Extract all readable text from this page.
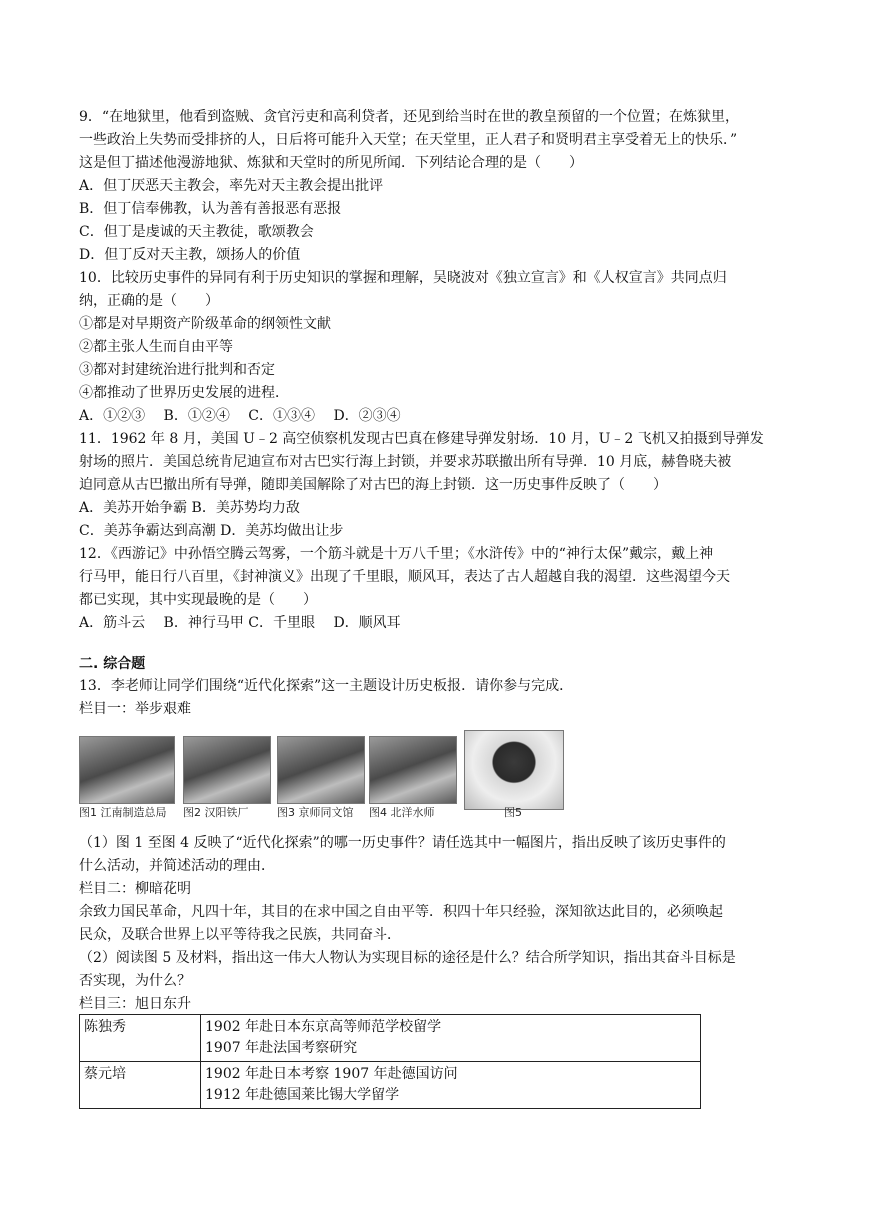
9．“在地狱里，他看到盗贼、贪官污吏和高利贷者，还见到给当时在世的教皇预留的一个位置；在炼狱里，
一些政治上失势而受排挤的人，日后将可能升入天堂；在天堂里，正人君子和贤明君主享受着无上的快乐．”
这是但丁描述他漫游地狱、炼狱和天堂时的所见所闻．下列结论合理的是（　　）
A．但丁厌恶天主教会，率先对天主教会提出批评
B．但丁信奉佛教，认为善有善报恶有恶报
C．但丁是虔诚的天主教徒，歌颂教会
D．但丁反对天主教，颂扬人的价值
10．比较历史事件的异同有利于历史知识的掌握和理解，吴晓波对《独立宣言》和《人权宣言》共同点归
纳，正确的是（　　）
①都是对早期资产阶级革命的纲领性文献
②都主张人生而自由平等
③都对封建统治进行批判和否定
④都推动了世界历史发展的进程．
A．①②③　 B．①②④　 C．①③④　 D．②③④
11．1962 年 8 月，美国 U﹣2 高空侦察机发现古巴真在修建导弹发射场．10 月，U﹣2 飞机又拍摄到导弹发
射场的照片．美国总统肯尼迪宣布对古巴实行海上封锁，并要求苏联撤出所有导弹．10 月底，赫鲁晓夫被
迫同意从古巴撤出所有导弹，随即美国解除了对古巴的海上封锁．这一历史事件反映了（　　）
A．美苏开始争霸 B．美苏势均力敌
C．美苏争霸达到高潮 D．美苏均做出让步
12．《西游记》中孙悟空腾云驾雾，一个筋斗就是十万八千里；《水浒传》中的“神行太保”戴宗，戴上神
行马甲，能日行八百里，《封神演义》出现了千里眼，顺风耳，表达了古人超越自我的渴望．这些渴望今天
都已实现，其中实现最晚的是（　　）
A．筋斗云　 B．神行马甲 C．千里眼　 D．顺风耳
二. 综合题
13．李老师让同学们围绕“近代化探索”这一主题设计历史板报．请你参与完成．
栏目一：举步艰难
图1 江南制造总局	图2 汉阳铁厂	图3 京师同文馆	图4 北洋水师	图5
（1）图 1 至图 4 反映了“近代化探索”的哪一历史事件？请任选其中一幅图片，指出反映了该历史事件的
什么活动，并简述活动的理由．
栏目二：柳暗花明
余致力国民革命，凡四十年，其目的在求中国之自由平等．积四十年只经验，深知欲达此目的，必须唤起
民众，及联合世界上以平等待我之民族，共同奋斗．
（2）阅读图 5 及材料，指出这一伟大人物认为实现目标的途径是什么？结合所学知识，指出其奋斗目标是
否实现，为什么？
栏目三：旭日东升
陈独秀	1902 年赴日本东京高等师范学校留学
1907 年赴法国考察研究

蔡元培	1902 年赴日本考察 1907 年赴德国访问
1912 年赴德国莱比锡大学留学
